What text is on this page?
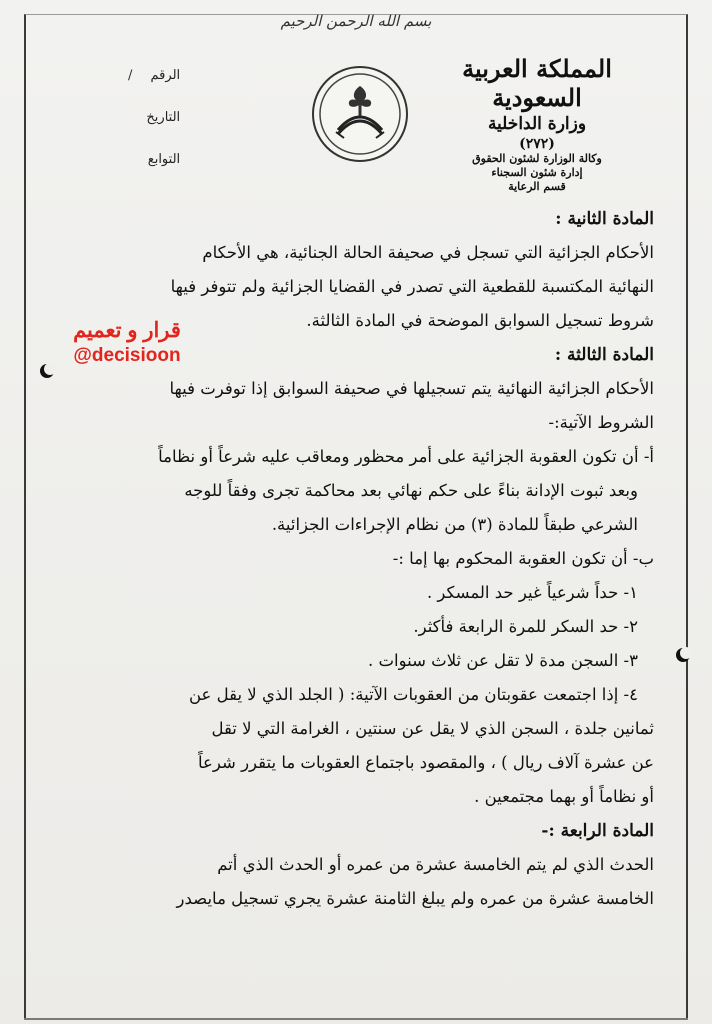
بسم الله الرحمن الرحيم
المملكة العربية السعودية
وزارة الداخلية
(٢٧٢)
وكالة الوزارة لشئون الحقوق
إدارة شئون السجناء
قسم الرعاية
الرقم /
التاريخ
التوابع
قرار و تعميم
@decisioon
المادة الثانية :
الأحكام الجزائية التي تسجل في صحيفة الحالة الجنائية، هي الأحكام
النهائية المكتسبة للقطعية التي تصدر في القضايا الجزائية ولم تتوفر فيها
شروط تسجيل السوابق الموضحة في المادة الثالثة.
المادة الثالثة :
الأحكام الجزائية النهائية يتم تسجيلها في صحيفة السوابق إذا توفرت فيها
الشروط الآتية:-
أ- أن تكون العقوبة الجزائية على أمر محظور ومعاقب عليه شرعاً أو نظاماً
وبعد ثبوت الإدانة بناءً على حكم نهائي بعد محاكمة تجرى وفقاً للوجه
الشرعي طبقاً للمادة (٣) من نظام الإجراءات الجزائية.
ب- أن تكون العقوبة المحكوم بها إما :-
١- حداً شرعياً غير حد المسكر .
٢- حد السكر للمرة الرابعة فأكثر.
٣- السجن مدة لا تقل عن ثلاث سنوات .
٤- إذا اجتمعت عقوبتان من العقوبات الآتية: ( الجلد الذي لا يقل عن
ثمانين جلدة ، السجن الذي لا يقل عن سنتين ، الغرامة التي لا تقل
عن عشرة آلاف ريال ) ، والمقصود باجتماع العقوبات ما يتقرر شرعاً
أو نظاماً أو بهما مجتمعين .
المادة الرابعة :-
الحدث الذي لم يتم الخامسة عشرة من عمره أو الحدث الذي أتم
الخامسة عشرة من عمره ولم يبلغ الثامنة عشرة يجري تسجيل مايصدر
